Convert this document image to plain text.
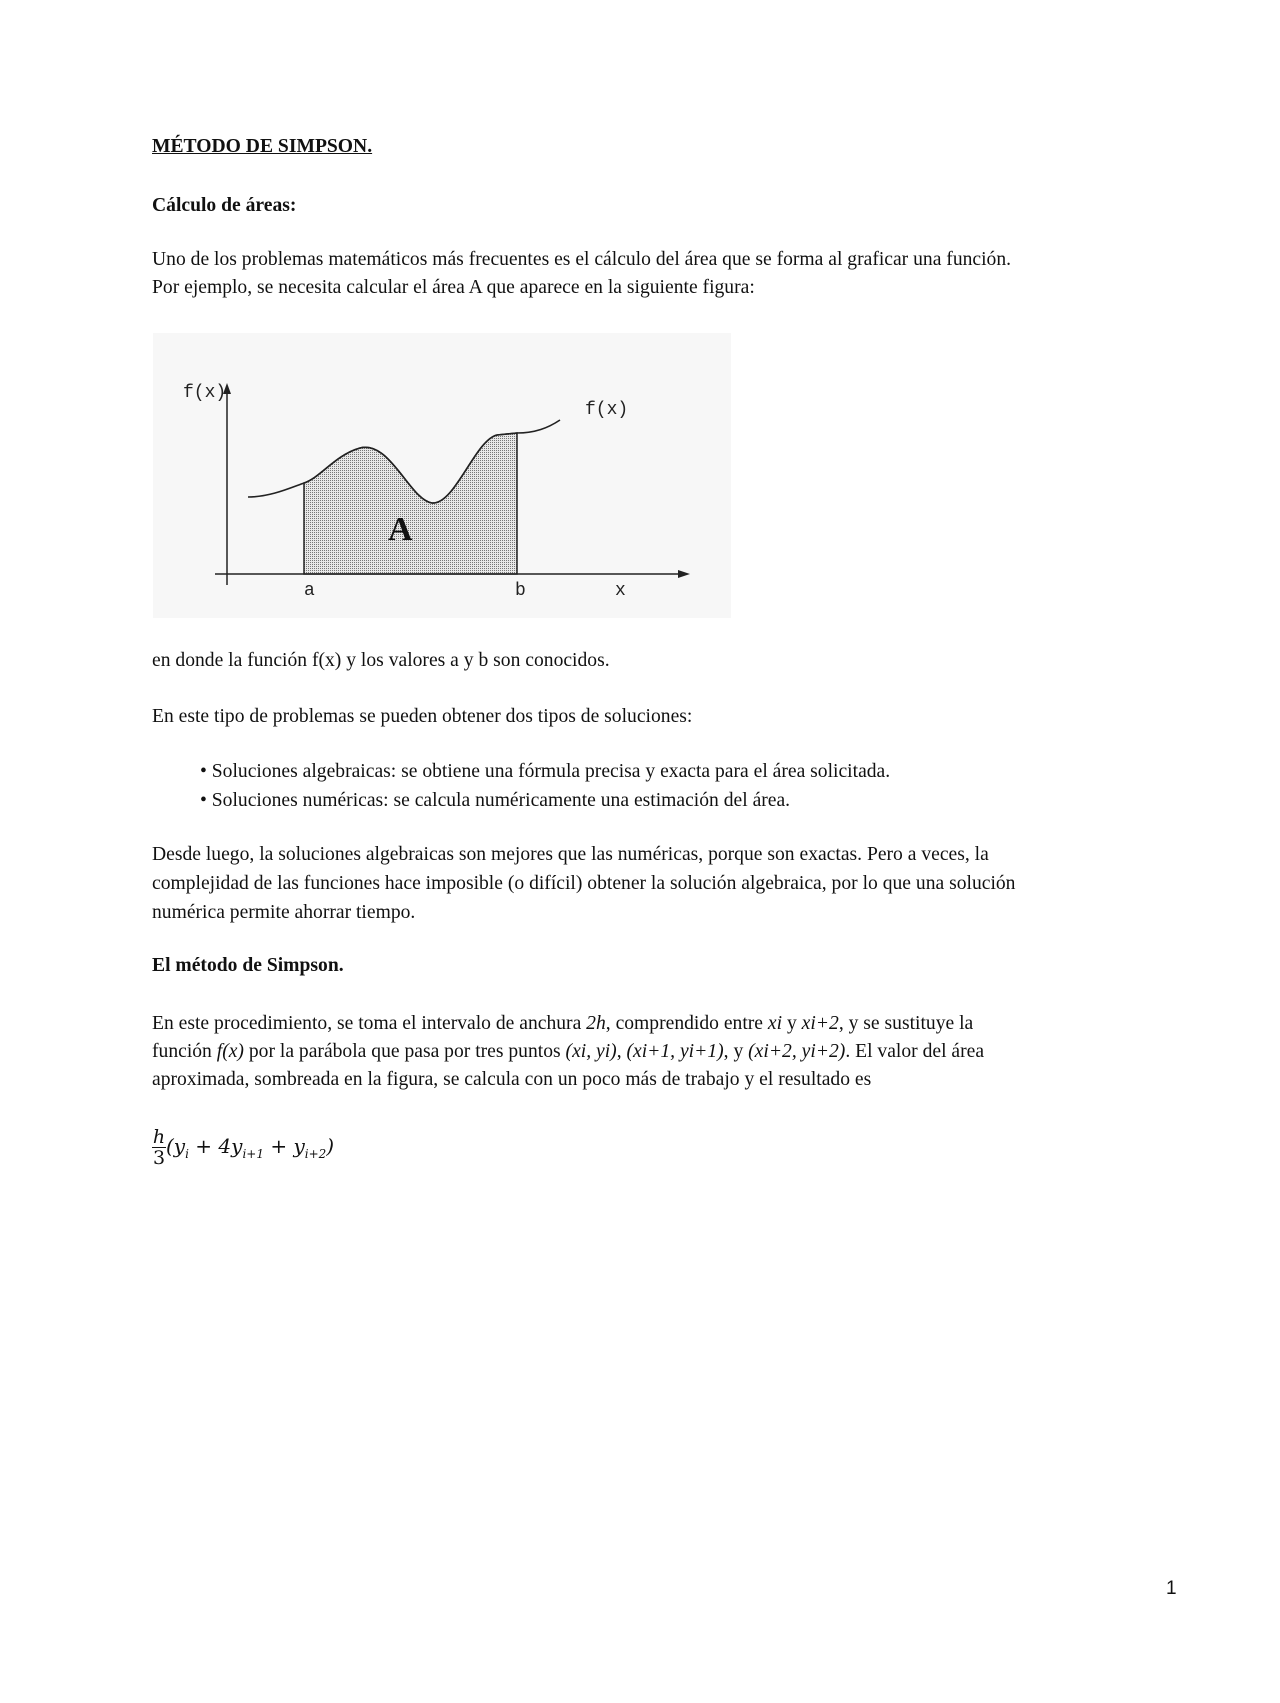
MÉTODO DE SIMPSON.
Cálculo de áreas:
Uno de los problemas matemáticos más frecuentes es el cálculo del área que se forma al graficar una función.
Por ejemplo, se necesita calcular el área A que aparece en la siguiente figura:
f(x)
f(x)
x
a	b
A
en donde la función f(x) y los valores a y b son conocidos.
En este tipo de problemas se pueden obtener dos tipos de soluciones:
• Soluciones algebraicas: se obtiene una fórmula precisa y exacta para el área solicitada.
• Soluciones numéricas: se calcula numéricamente una estimación del área.
Desde luego, la soluciones algebraicas son mejores que las numéricas, porque son exactas. Pero a veces, la
complejidad de las funciones hace imposible (o difícil) obtener la solución algebraica, por lo que una solución
numérica permite ahorrar tiempo.
El método de Simpson.
En este procedimiento, se toma el intervalo de anchura 2h, comprendido entre xi y xi+2, y se sustituye la
función f(x) por la parábola que pasa por tres puntos (xi, yi), (xi+1, yi+1), y (xi+2, yi+2). El valor del área
aproximada, sombreada en la figura, se calcula con un poco más de trabajo y el resultado es
$\frac{h}{3} (y_i + 4y_{i+1} + y_{i+2})$
1
